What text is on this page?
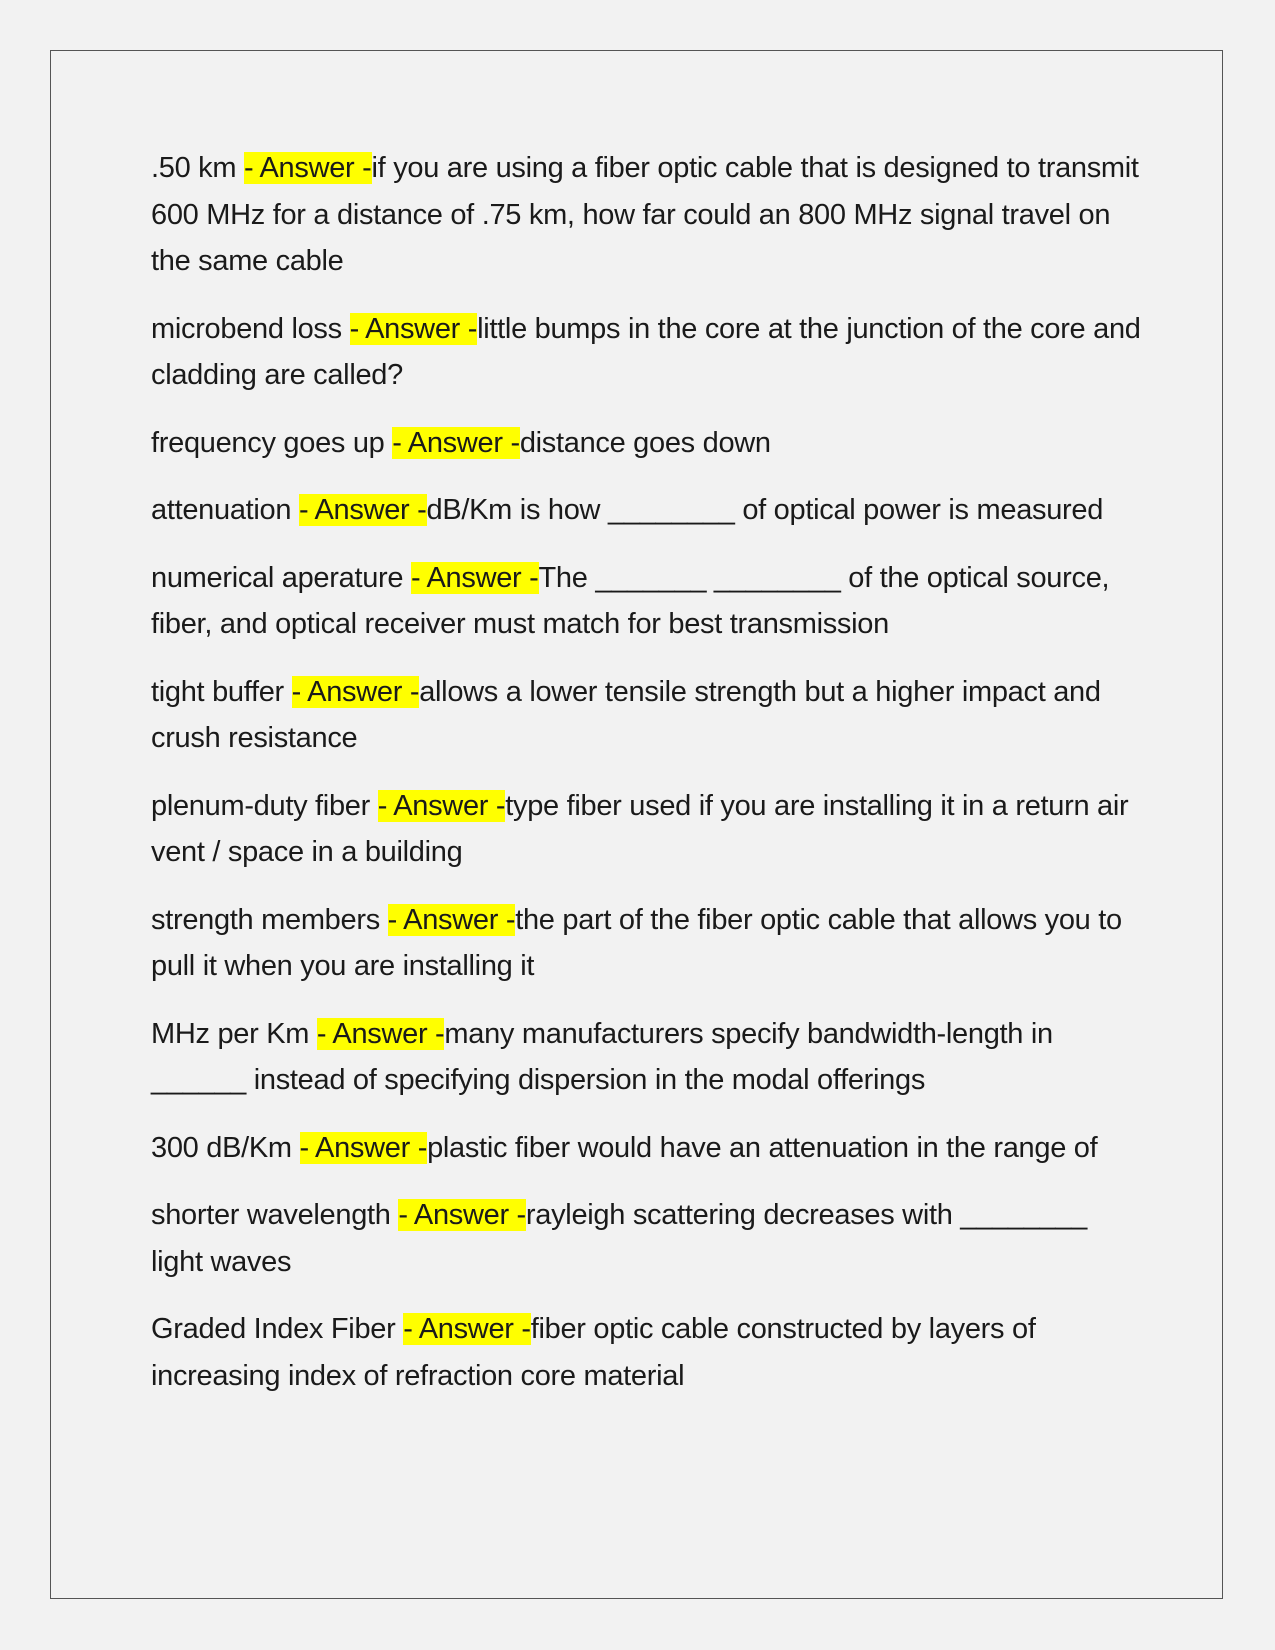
.50 km - Answer -if you are using a fiber optic cable that is designed to transmit 600 MHz for a distance of .75 km, how far could an 800 MHz signal travel on the same cable

microbend loss - Answer -little bumps in the core at the junction of the core and cladding are called?

frequency goes up - Answer -distance goes down

attenuation - Answer -dB/Km is how ________ of optical power is measured

numerical aperature - Answer -The _______ ________ of the optical source, fiber, and optical receiver must match for best transmission

tight buffer - Answer -allows a lower tensile strength but a higher impact and crush resistance

plenum-duty fiber - Answer -type fiber used if you are installing it in a return air vent / space in a building

strength members - Answer -the part of the fiber optic cable that allows you to pull it when you are installing it

MHz per Km - Answer -many manufacturers specify bandwidth-length in ______ instead of specifying dispersion in the modal offerings

300 dB/Km - Answer -plastic fiber would have an attenuation in the range of

shorter wavelength - Answer -rayleigh scattering decreases with ________ light waves

Graded Index Fiber - Answer -fiber optic cable constructed by layers of increasing index of refraction core material
